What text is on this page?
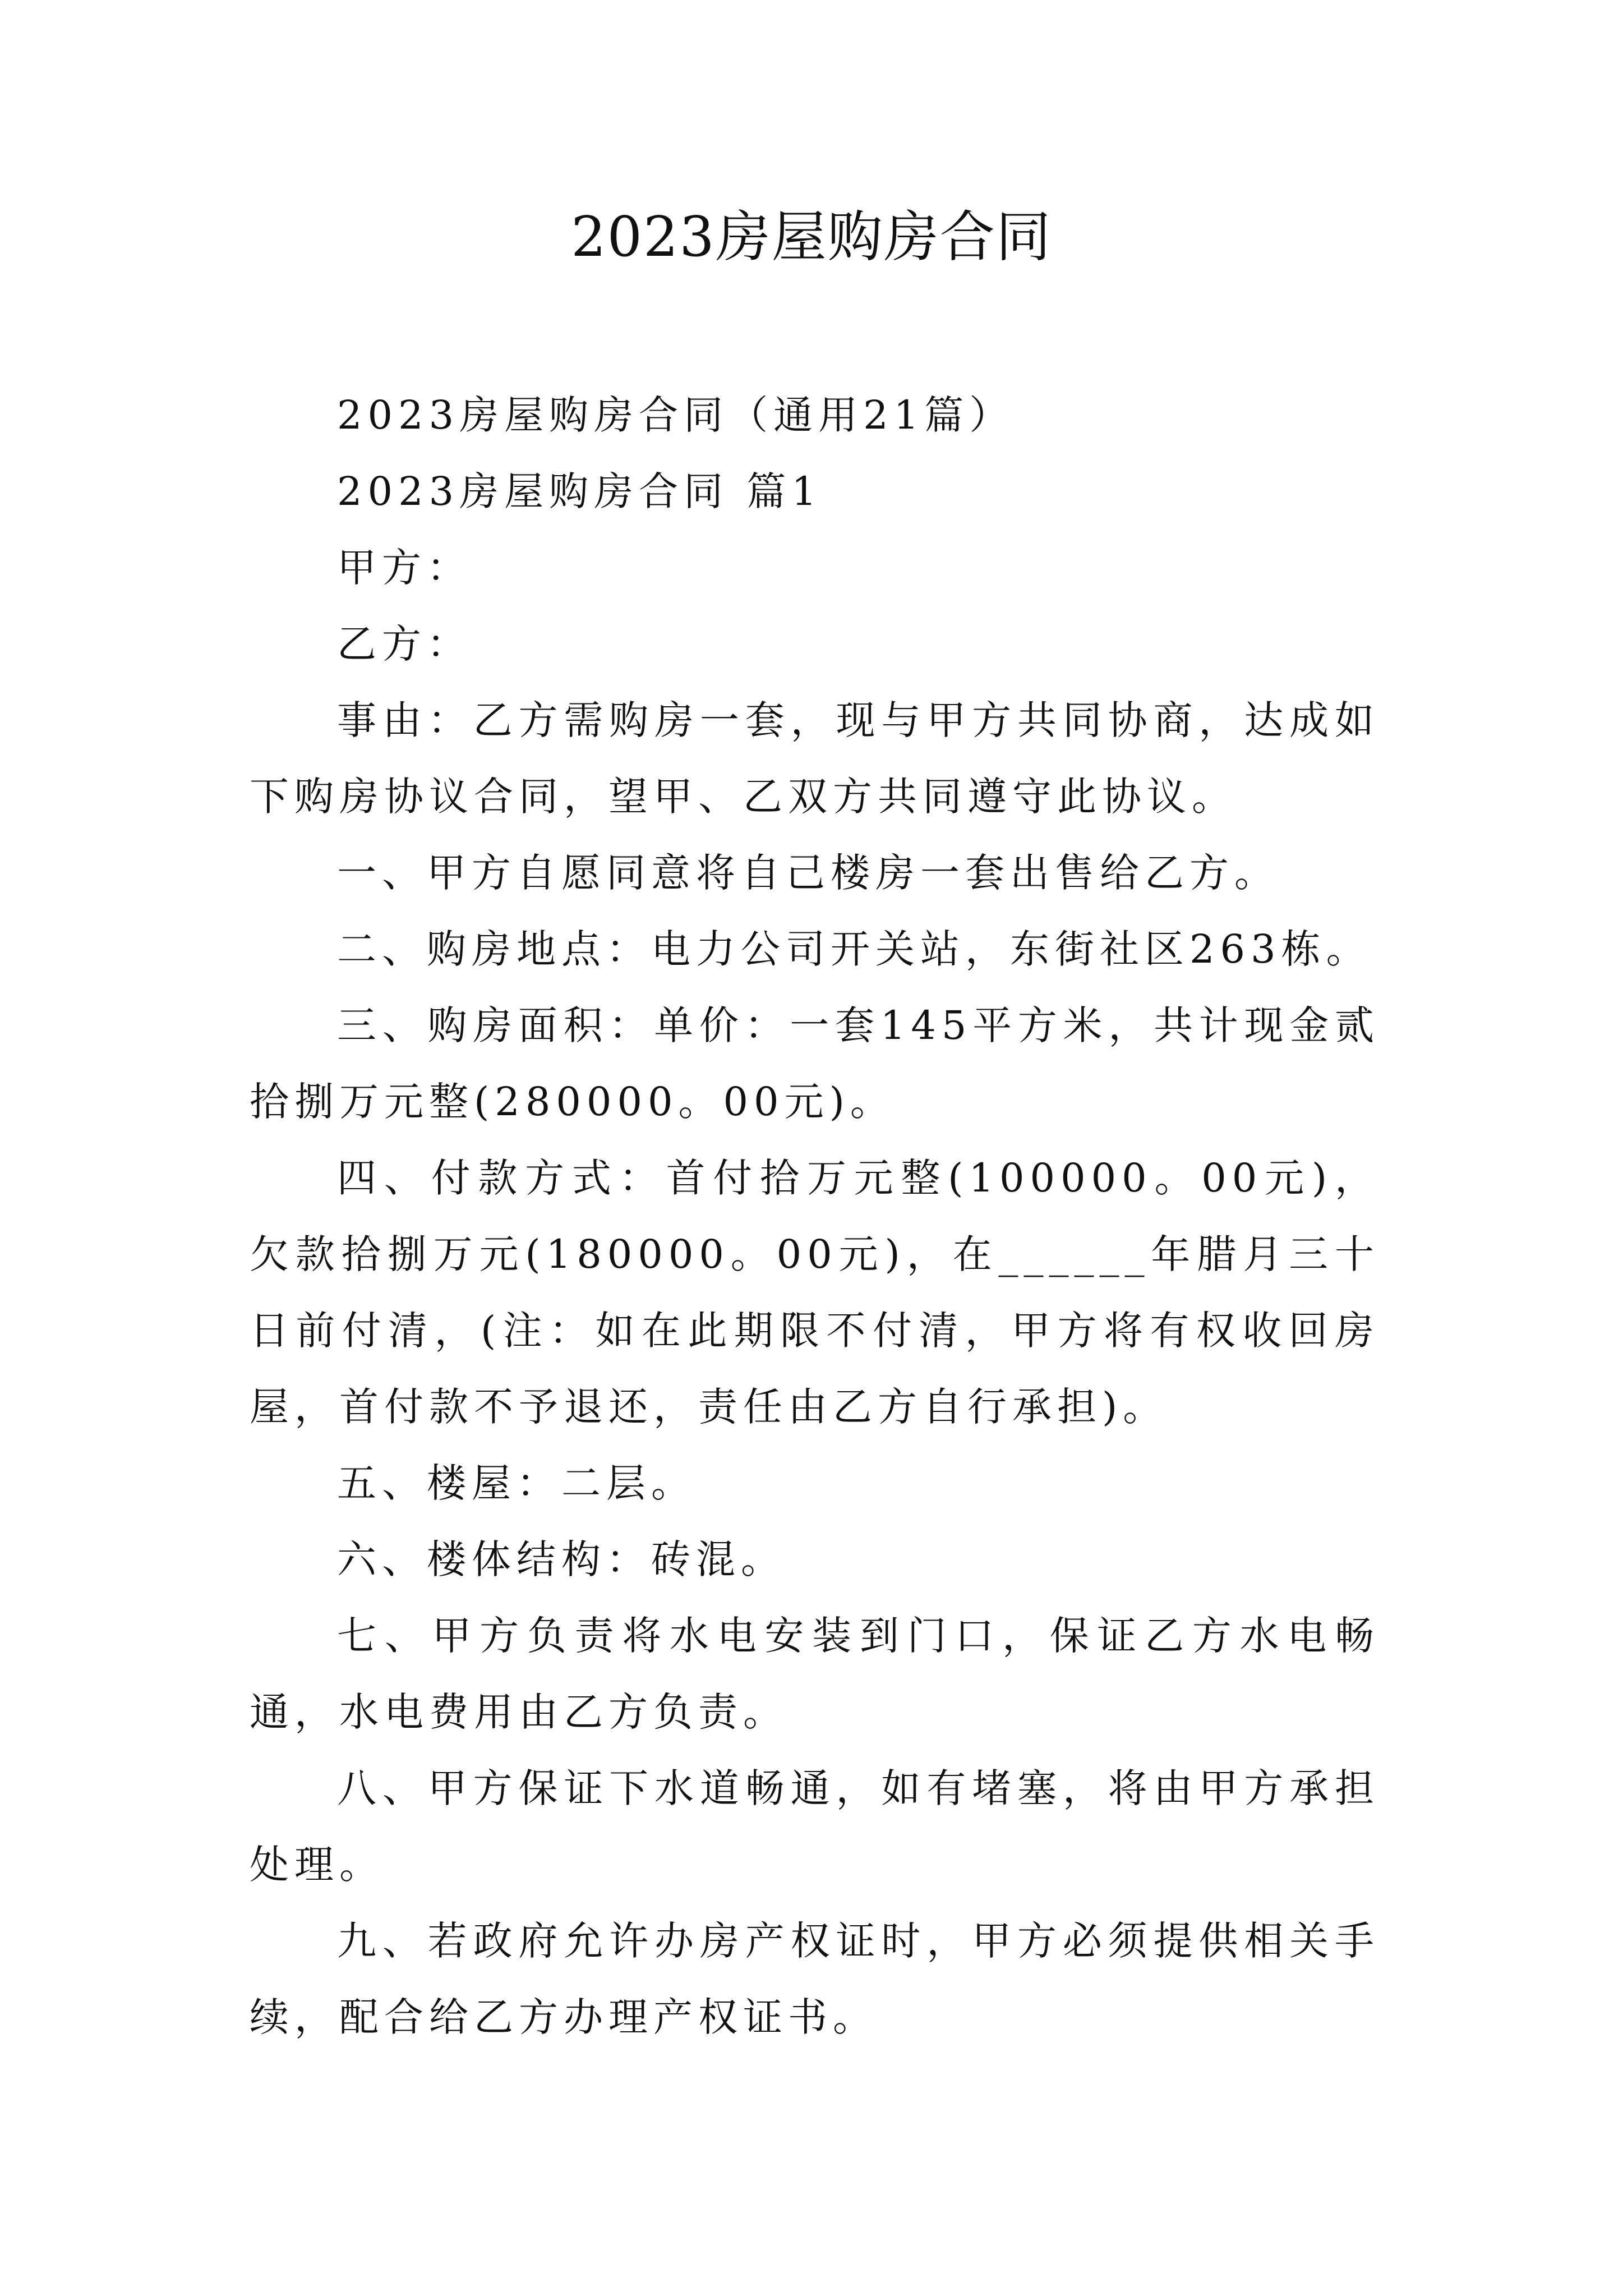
2023房屋购房合同

2023房屋购房合同（通用21篇）

2023房屋购房合同 篇1

甲方：

乙方：

事由：乙方需购房一套，现与甲方共同协商，达成如下购房协议合同，望甲、乙双方共同遵守此协议。

一、甲方自愿同意将自己楼房一套出售给乙方。

二、购房地点：电力公司开关站，东街社区263栋。

三、购房面积：单价：一套145平方米，共计现金贰拾捌万元整(280000。00元)。

四、付款方式：首付拾万元整(100000。00元)，欠款拾捌万元(180000。00元)，在______年腊月三十日前付清，(注：如在此期限不付清，甲方将有权收回房屋，首付款不予退还，责任由乙方自行承担)。

五、楼屋：二层。

六、楼体结构：砖混。

七、甲方负责将水电安装到门口，保证乙方水电畅通，水电费用由乙方负责。

八、甲方保证下水道畅通，如有堵塞，将由甲方承担处理。

九、若政府允许办房产权证时，甲方必须提供相关手续，配合给乙方办理产权证书。
